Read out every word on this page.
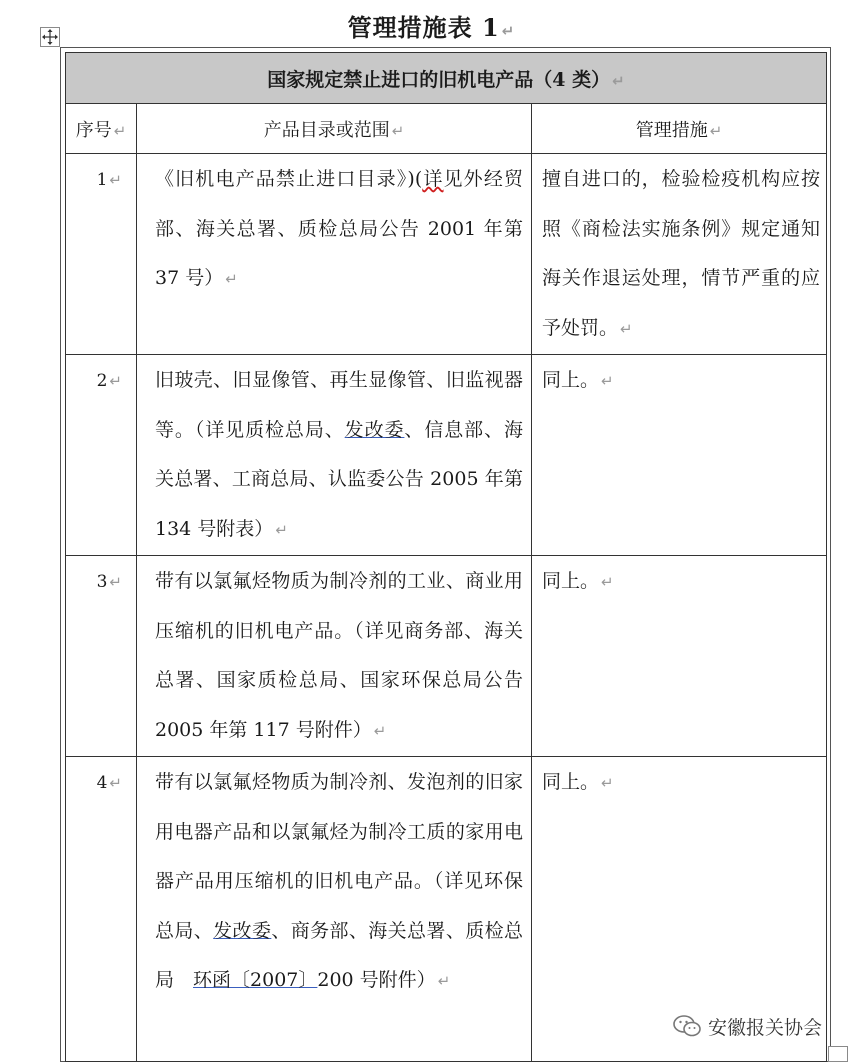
管理措施表 1 ↵
国家规定禁止进口的旧机电产品（4 类） ↵		
序号 ↵	产品目录或范围 ↵	管理措施 ↵
1 ↵	《旧机电产品禁止进口目录》)(详见外经贸部、海关总署、质检总局公告 2001 年第 37 号） ↵	擅自进口的，检验检疫机构应按照《商检法实施条例》规定通知海关作退运处理，情节严重的应予处罚。 ↵
2 ↵	旧玻壳、旧显像管、再生显像管、旧监视器等。（详见质检总局、发改委、信息部、海关总署、工商总局、认监委公告 2005 年第 134 号附表） ↵	同上。 ↵
3 ↵	带有以氯氟烃物质为制冷剂的工业、商业用压缩机的旧机电产品。（详见商务部、海关总署、国家质检总局、国家环保总局公告 2005 年第 117 号附件） ↵	同上。 ↵
4 ↵	带有以氯氟烃物质为制冷剂、发泡剂的旧家用电器产品和以氯氟烃为制冷工质的家用电器产品用压缩机的旧机电产品。（详见环保总局、发改委、商务部、海关总署、质检总局　环函〔2007〕200 号附件） ↵	同上。 ↵
安徽报关协会
